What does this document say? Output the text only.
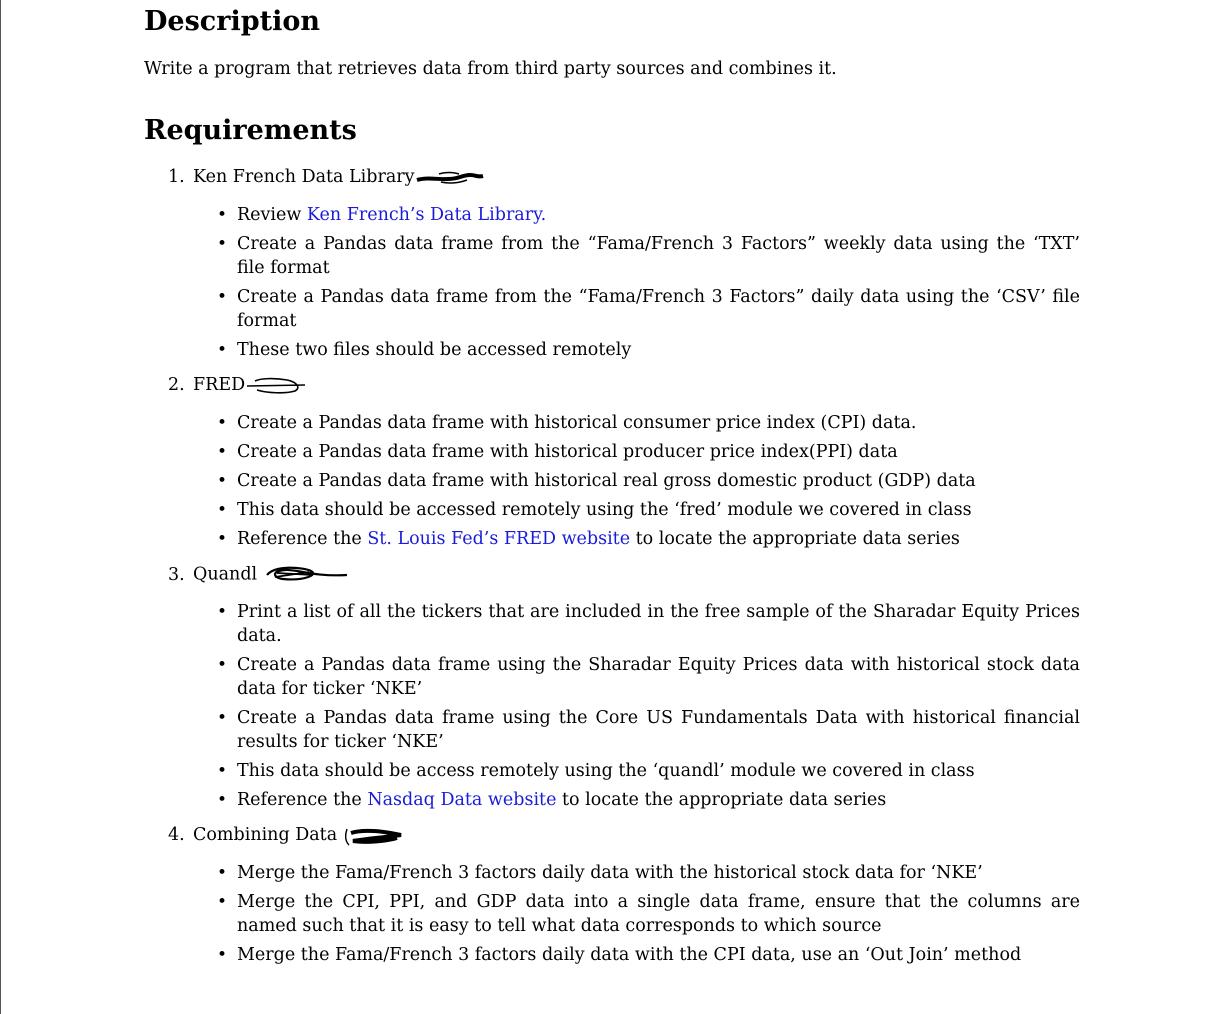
Description

Write a program that retrieves data from third party sources and combines it.

Requirements
1. Ken French Data Library
• Review Ken French’s Data Library.
• Create a Pandas data frame from the “Fama/French 3 Factors” weekly data using the ‘TXT’ file format
• Create a Pandas data frame from the “Fama/French 3 Factors” daily data using the ‘CSV’ file format
• These two files should be accessed remotely
2. FRED
• Create a Pandas data frame with historical consumer price index (CPI) data.
• Create a Pandas data frame with historical producer price index(PPI) data
• Create a Pandas data frame with historical real gross domestic product (GDP) data
• This data should be accessed remotely using the ‘fred’ module we covered in class
• Reference the St. Louis Fed’s FRED website to locate the appropriate data series
3. Quandl
• Print a list of all the tickers that are included in the free sample of the Sharadar Equity Prices data.
• Create a Pandas data frame using the Sharadar Equity Prices data with historical stock data data for ticker ‘NKE’
• Create a Pandas data frame using the Core US Fundamentals Data with historical financial results for ticker ‘NKE’
• This data should be access remotely using the ‘quandl’ module we covered in class
• Reference the Nasdaq Data website to locate the appropriate data series
4. Combining Data
• Merge the Fama/French 3 factors daily data with the historical stock data for ‘NKE’
• Merge the CPI, PPI, and GDP data into a single data frame, ensure that the columns are named such that it is easy to tell what data corresponds to which source
• Merge the Fama/French 3 factors daily data with the CPI data, use an ‘Out Join’ method
